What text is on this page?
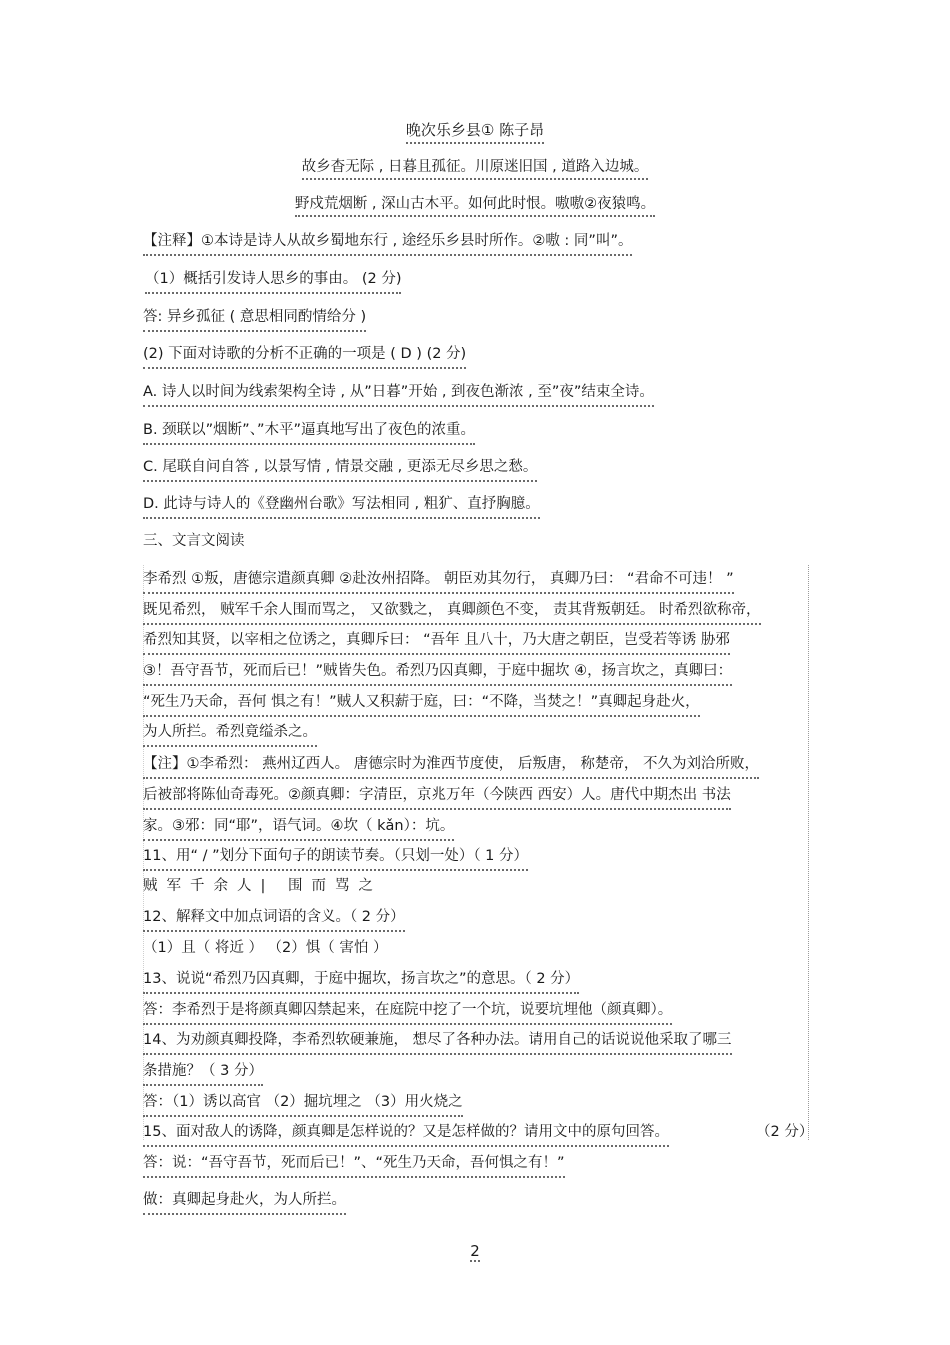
晚次乐乡县① 陈子昂
故乡杳无际 , 日暮且孤征。川原迷旧国 , 道路入边城。
野戍荒烟断 , 深山古木平。如何此时恨。嗷嗷②夜猿鸣。
【注释】①本诗是诗人从故乡蜀地东行 , 途经乐乡县时所作。②嗷 : 同”叫”。
（1）概括引发诗人思乡的事由。 (2 分)
答: 异乡孤征 ( 意思相同酌情给分 )
(2) 下面对诗歌的分析不正确的一项是 ( D ) (2 分)
A. 诗人以时间为线索架构全诗 , 从”日暮”开始 , 到夜色渐浓 , 至”夜”结束全诗。
B. 颈联以”烟断”、”木平”逼真地写出了夜色的浓重。
C. 尾联自问自答 , 以景写情 , 情景交融 , 更添无尽乡思之愁。
D. 此诗与诗人的《登幽州台歌》写法相同 , 粗犷、直抒胸臆。
三、文言文阅读
李希烈 ①叛，唐德宗遣颜真卿 ②赴汝州招降。 朝臣劝其勿行， 真卿乃曰： “君命不可违！ ”
既见希烈， 贼军千余人围而骂之， 又欲戮之， 真卿颜色不变， 责其背叛朝廷。 时希烈欲称帝，
希烈知其贤，以宰相之位诱之，真卿斥曰： “吾年 且八十，乃大唐之朝臣，岂受若等诱 胁邪
③！吾守吾节，死而后已！”贼皆失色。希烈乃囚真卿，于庭中掘坎 ④，扬言坎之，真卿曰：
“死生乃天命，吾何 惧之有！”贼人又积薪于庭，曰：“不降，当焚之！”真卿起身赴火，
为人所拦。希烈竟缢杀之。
【注】①李希烈： 燕州辽西人。 唐德宗时为淮西节度使， 后叛唐， 称楚帝， 不久为刘洽所败，
后被部将陈仙奇毒死。②颜真卿：字清臣，京兆万年（今陕西 西安）人。唐代中期杰出 书法
家。③邪：同“耶”，语气词。④坎（ kǎn）：坑。
11、用“ / ”划分下面句子的朗读节奏。（只划一处）（ 1 分）
贼军千余人| 围而骂之
12、解释文中加点词语的含义。（ 2 分）
（1）且（ 将近 ） （2）惧（ 害怕 ）
13、说说“希烈乃囚真卿，于庭中掘坎，扬言坎之”的意思。（ 2 分）
答：李希烈于是将颜真卿囚禁起来，在庭院中挖了一个坑，说要坑埋他（颜真卿）。
14、为劝颜真卿投降，李希烈软硬兼施， 想尽了各种办法。请用自己的话说说他采取了哪三
条措施？（ 3 分）
答：（1）诱以高官 （2）掘坑埋之 （3）用火烧之
15、面对敌人的诱降，颜真卿是怎样说的？又是怎样做的？请用文中的原句回答。	（2 分）
答：说：“吾守吾节，死而后已！”、“死生乃天命，吾何惧之有！”
做：真卿起身赴火，为人所拦。
2
